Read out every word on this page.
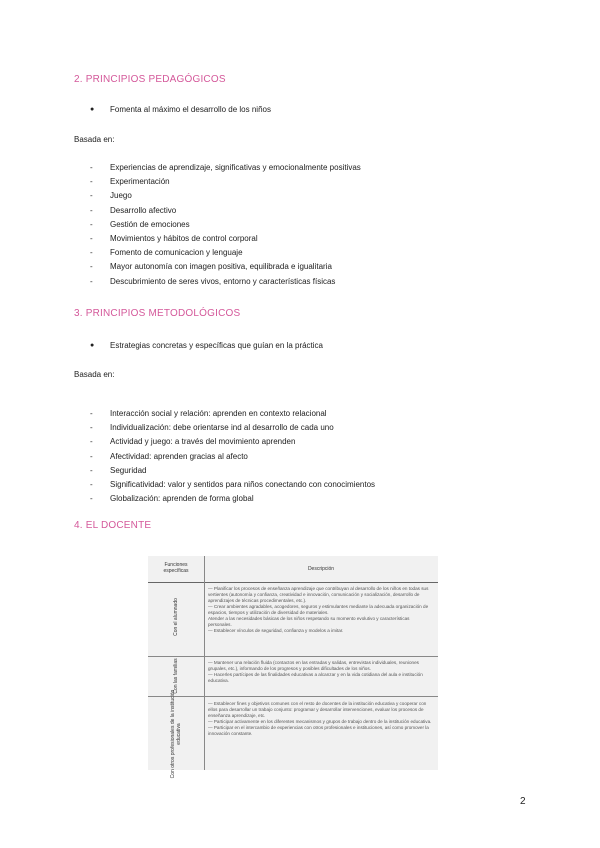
2. PRINCIPIOS PEDAGÓGICOS
● Fomenta al máximo el desarrollo de los niños
Basada en:
- Experiencias de aprendizaje, significativas y emocionalmente positivas
- Experimentación
- Juego
- Desarrollo afectivo
- Gestión de emociones
- Movimientos y hábitos de control corporal
- Fomento de comunicacion y lenguaje
- Mayor autonomía con imagen positiva, equilibrada e igualitaria
- Descubrimiento de seres vivos, entorno y características físicas
3. PRINCIPIOS METODOLÓGICOS
● Estrategias concretas y específicas que guían en la práctica
Basada en:
- Interacción social y relación: aprenden en contexto relacional
- Individualización: debe orientarse ind al desarrollo de cada uno
- Actividad y juego: a través del movimiento aprenden
- Afectividad: aprenden gracias al afecto
- Seguridad
- Significatividad: valor y sentidos para niños conectando con conocimientos
- Globalización: aprenden de forma global
4. EL DOCENTE
Funciones específicas	Descripción
Con el alumnado

— Planificar los procesos de enseñanza aprendizaje que contribuyan al desarrollo de los niños en todas sus vertientes (autonomía y confianza, creatividad e innovación, comunicación y socialización, desarrollo de aprendizajes de técnicas procedimentales, etc.).

— Crear ambientes agradables, acogedores, seguros y estimulantes mediante la adecuada organización de espacios, tiempos y utilización de diversidad de materiales.

Atender a las necesidades básicas de los niños respetando su momento evolutivo y características personales.

— Establecer vínculos de seguridad, confianza y modelos a imitar.

Con las familias	— Mantener una relación fluida (contactos en las entradas y salidas, entrevistas individuales, reuniones grupales, etc.), informando de los progresos y posibles dificultades de los niños.

— Hacerles partícipes de las finalidades educativas a alcanzar y en la vida cotidiana del aula e institución educativa.

Con otros profesionales de la institución educativa

— Establecer fines y objetivos comunes con el resto de docentes de la institución educativa y cooperar con ellos para desarrollar un trabajo conjunto: programar y desarrollar intervenciones, evaluar los procesos de enseñanza aprendizaje, etc.

— Participar activamente en los diferentes mecanismos y grupos de trabajo dentro de la institución educativa.

— Participar en el intercambio de experiencias con otros profesionales e instituciones, así como promover la innovación constante.

2
